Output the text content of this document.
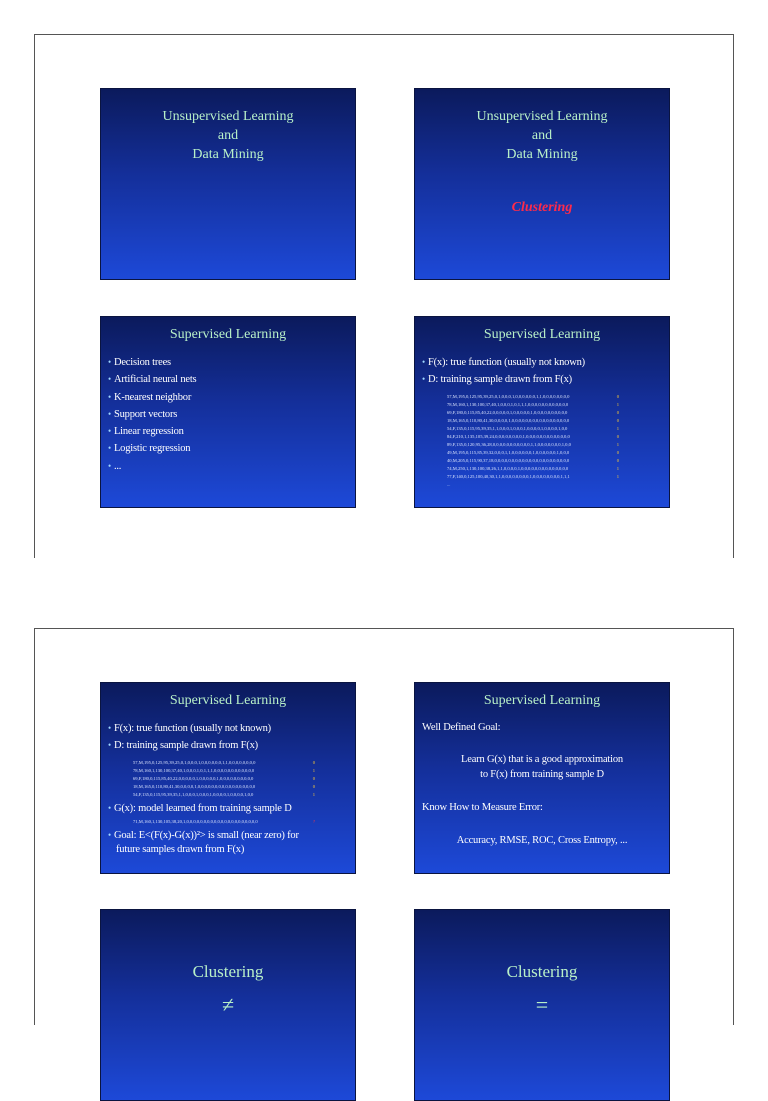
Unsupervised Learning
and
Data Mining
Unsupervised Learning
and
Data Mining
Clustering
Supervised Learning
• Decision trees
• Artificial neural nets
• K-nearest neighbor
• Support vectors
• Linear regression
• Logistic regression
• ...
Supervised Learning
• F(x): true function (usually not known)
• D: training sample drawn from F(x)
57,M,195,0,125,95,39,25,0,1,0,0,0,1,0,0,0,0,0,0,1,1,0,0,0,0,0,0,0,0	0
78,M,160,1,130,100,37,40,1,0,0,0,1,0,1,1,1,0,0,0,0,0,0,0,0,0,0,0,0	1
69,F,180,0,115,85,40,22,0,0,0,0,0,1,0,0,0,0,0,1,0,0,0,0,0,0,0,0,0,0	0
18,M,165,0,110,80,41,30,0,0,0,0,1,0,0,0,0,0,0,0,0,0,0,0,0,0,0,0,0,0	0
54,F,135,0,115,95,39,35,1,1,0,0,0,1,0,0,0,1,0,0,0,0,1,0,0,0,0,1,0,0	1
84,F,210,1,135,105,39,24,0,0,0,0,0,0,0,0,1,0,0,0,0,0,0,0,0,0,0,0,0,0	0
89,F,135,0,120,95,36,28,0,0,0,0,0,0,0,0,0,0,0,1,1,0,0,0,0,0,0,0,1,0,0	1
49,M,195,0,115,85,39,32,0,0,0,1,1,0,0,0,0,0,0,1,0,0,0,0,0,0,1,0,0,0	0
40,M,205,0,115,90,37,18,0,0,0,0,0,0,0,0,0,0,0,0,0,0,0,0,0,0,0,0,0,0	0
74,M,250,1,130,100,38,26,1,1,0,0,0,0,1,0,0,0,0,0,0,0,0,0,0,0,0,0,0	1
77,F,140,0,125,100,40,30,1,1,0,0,0,0,0,0,0,0,1,0,0,0,0,0,0,0,0,1,1,1	1
...
Supervised Learning
• F(x): true function (usually not known)
• D: training sample drawn from F(x)
57,M,195,0,125,95,39,25,0,1,0,0,0,1,0,0,0,0,0,0,1,1,0,0,0,0,0,0,0,0	0
78,M,160,1,130,100,37,40,1,0,0,0,1,0,1,1,1,0,0,0,0,0,0,0,0,0,0,0,0	1
69,F,180,0,115,85,40,22,0,0,0,0,0,1,0,0,0,0,0,1,0,0,0,0,0,0,0,0,0,0	0
18,M,165,0,110,80,41,30,0,0,0,0,1,0,0,0,0,0,0,0,0,0,0,0,0,0,0,0,0,0	0
54,F,135,0,115,95,39,35,1,1,0,0,0,1,0,0,0,1,0,0,0,0,1,0,0,0,0,1,0,0	1
• G(x): model learned from training sample D
71,M,160,1,130,105,38,20,1,0,0,0,0,0,0,0,0,0,0,0,0,0,0,0,0,0,0,0,0,0	?
• Goal: E<(F(x)-G(x))²> is small (near zero) for
future samples drawn from F(x)
Supervised Learning
Well Defined Goal:
Learn G(x) that is a good approximation
to F(x) from training sample D
Know How to Measure Error:
Accuracy, RMSE, ROC, Cross Entropy, ...
Clustering
≠
Clustering
=
